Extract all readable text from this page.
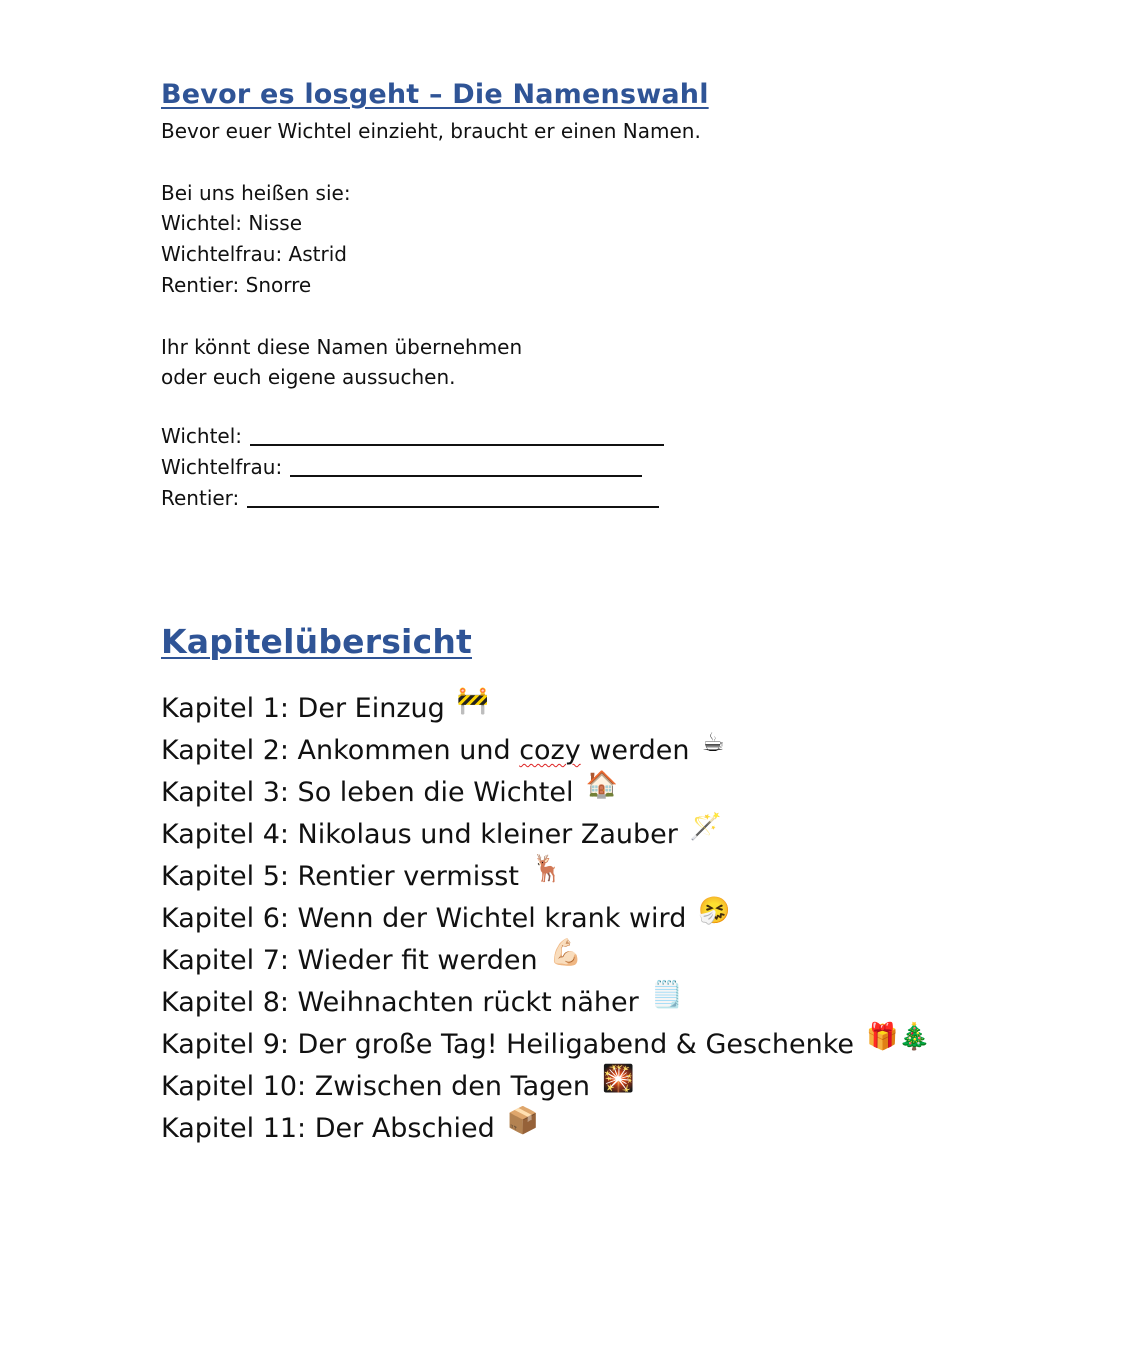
Bevor es losgeht – Die Namenswahl

Bevor euer Wichtel einzieht, braucht er einen Namen.

Bei uns heißen sie:

Wichtel: Nisse

Wichtelfrau: Astrid

Rentier: Snorre

Ihr könnt diese Namen übernehmen

oder euch eigene aussuchen.

Wichtel:
Wichtelfrau:
Rentier:
Kapitelübersicht
Kapitel 1: Der Einzug 🚧
Kapitel 2: Ankommen und cozy werden ☕
Kapitel 3: So leben die Wichtel 🏠
Kapitel 4: Nikolaus und kleiner Zauber 🪄
Kapitel 5: Rentier vermisst 🦌
Kapitel 6: Wenn der Wichtel krank wird 🤧
Kapitel 7: Wieder fit werden 💪🏻
Kapitel 8: Weihnachten rückt näher 🗒️
Kapitel 9: Der große Tag! Heiligabend & Geschenke 🎁🎄
Kapitel 10: Zwischen den Tagen 🎇
Kapitel 11: Der Abschied 📦
